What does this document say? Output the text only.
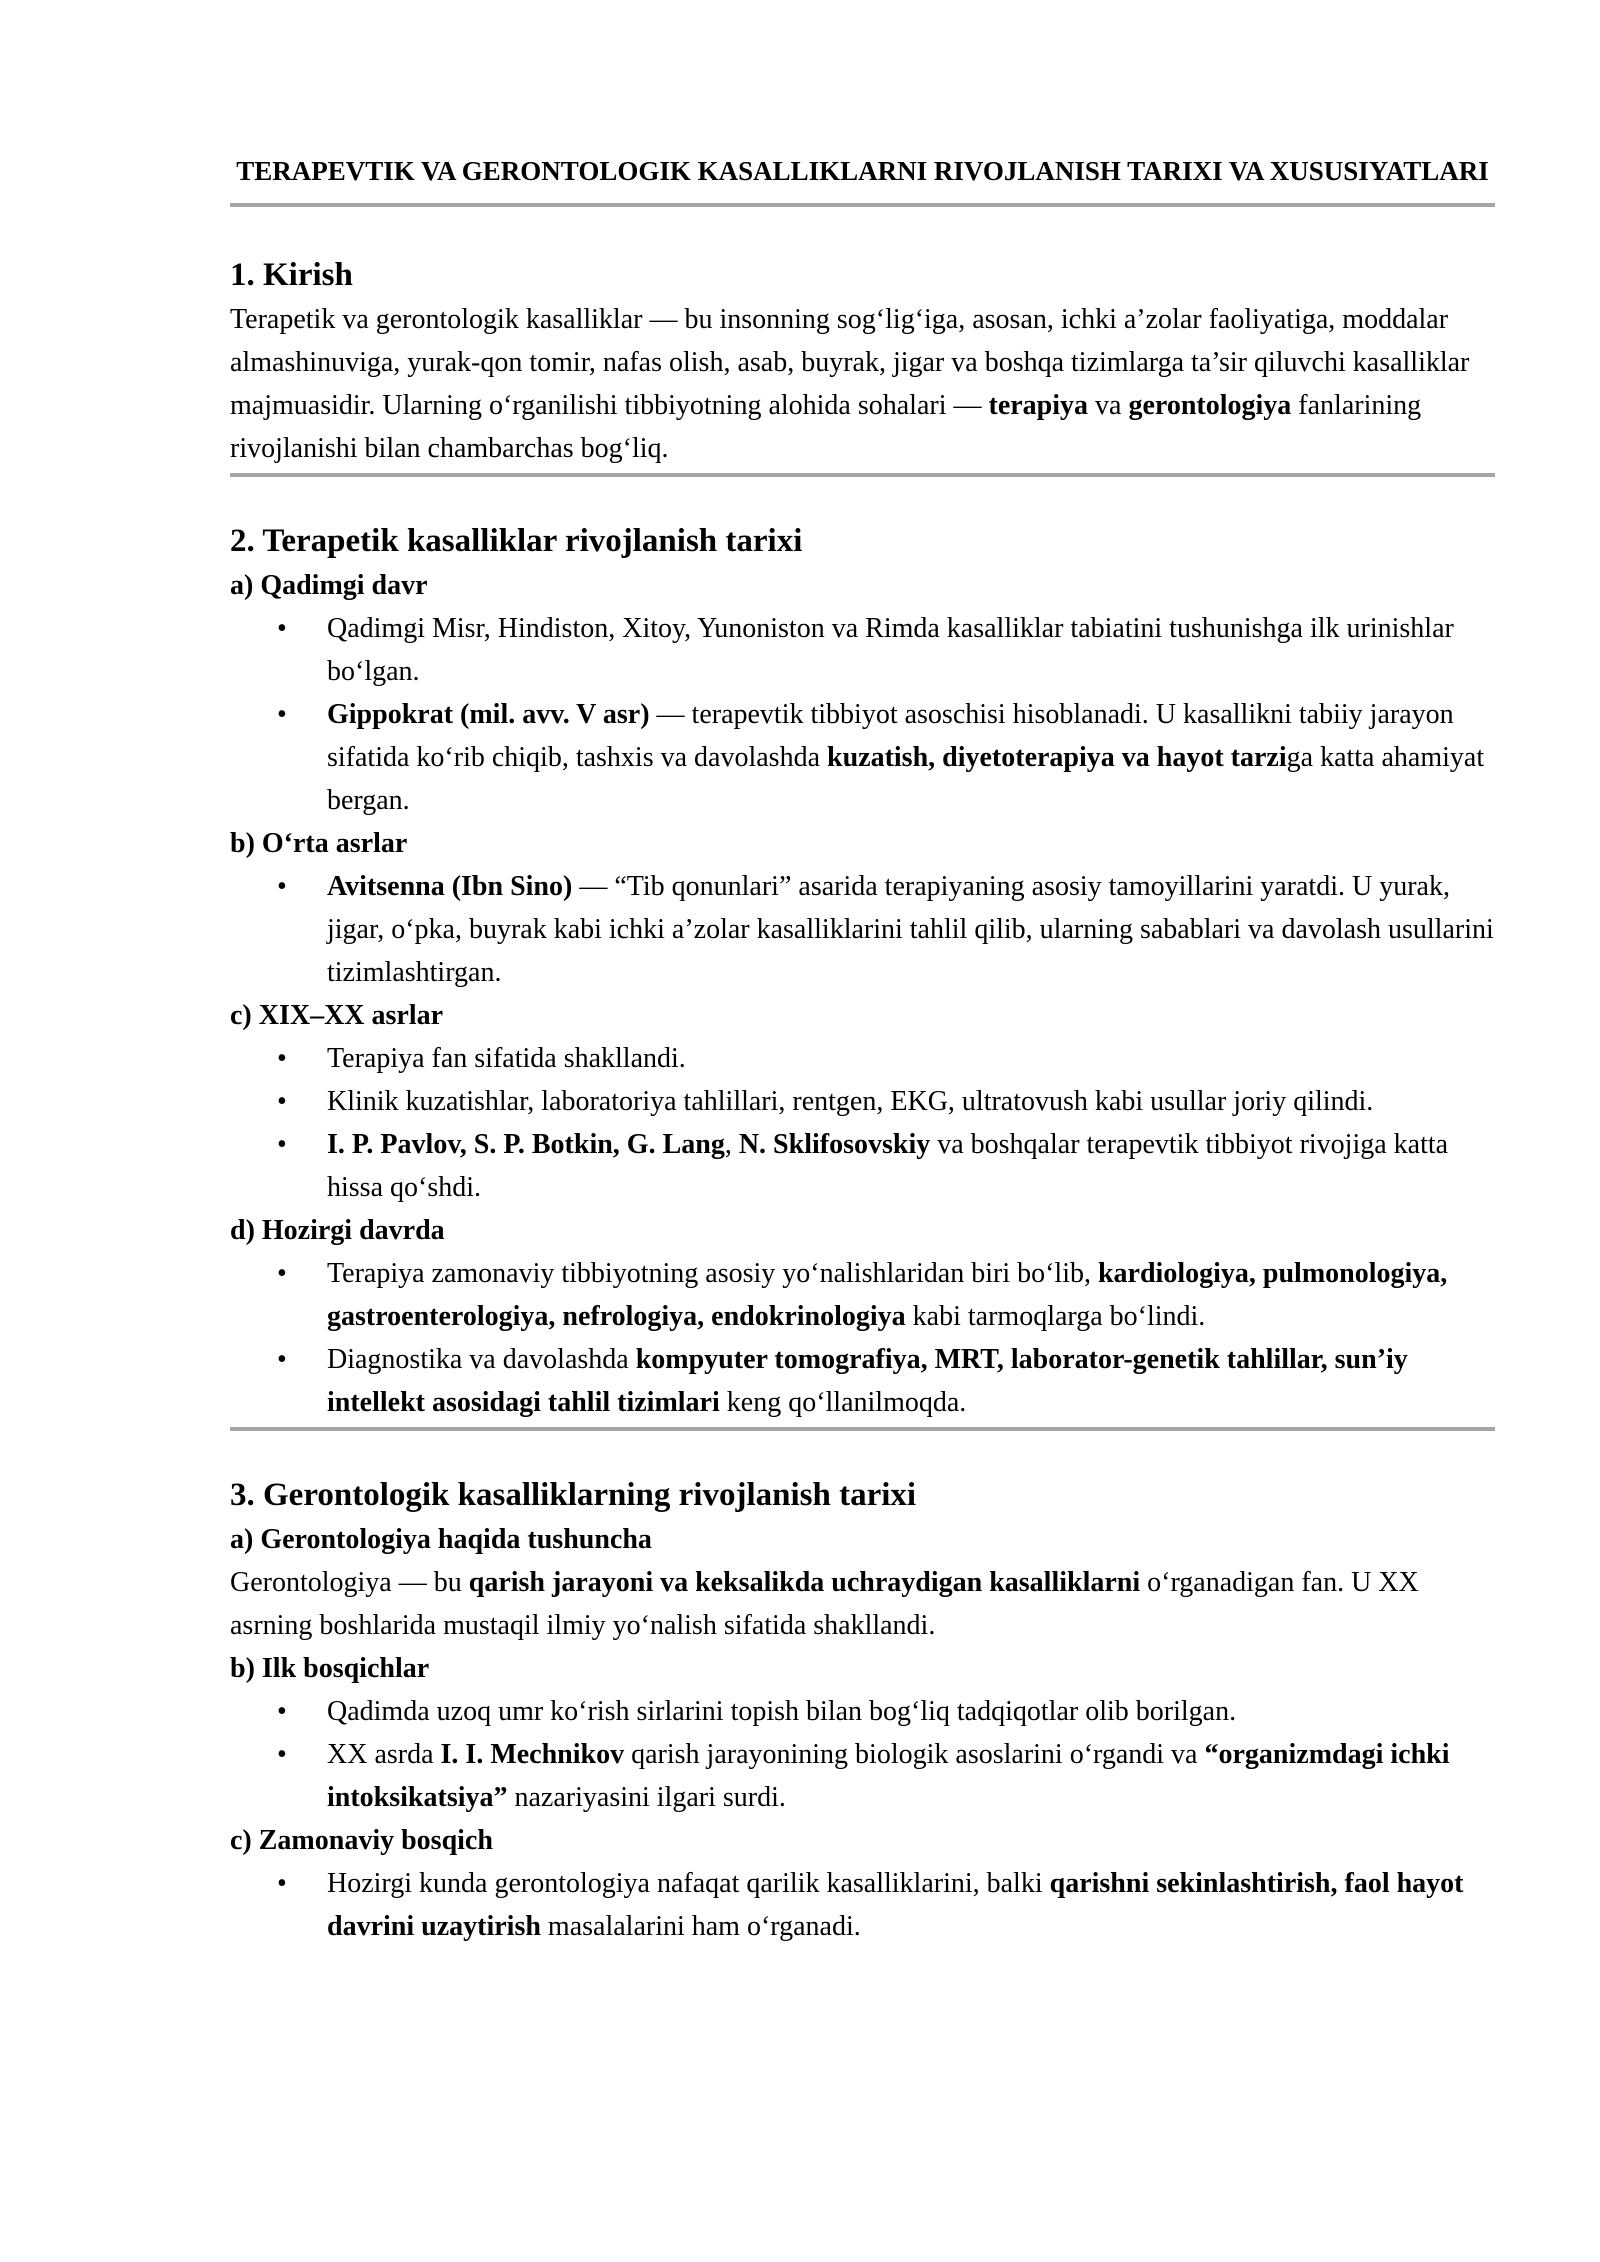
TERAPEVTIK VA GERONTOLOGIK KASALLIKLARNI RIVOJLANISH TARIXI VA XUSUSIYATLARI
1. Kirish

Terapetik va gerontologik kasalliklar — bu insonning sog‘lig‘iga, asosan, ichki a’zolar faoliyatiga, moddalar almashinuviga, yurak-qon tomir, nafas olish, asab, buyrak, jigar va boshqa tizimlarga ta’sir qiluvchi kasalliklar majmuasidir. Ularning o‘rganilishi tibbiyotning alohida sohalari — terapiya va gerontologiya fanlarining rivojlanishi bilan chambarchas bog‘liq.

2. Terapetik kasalliklar rivojlanish tarixi
a) Qadimgi davr
• Qadimgi Misr, Hindiston, Xitoy, Yunoniston va Rimda kasalliklar tabiatini tushunishga ilk urinishlar bo‘lgan.
• Gippokrat (mil. avv. V asr) — terapevtik tibbiyot asoschisi hisoblanadi. U kasallikni tabiiy jarayon sifatida ko‘rib chiqib, tashxis va davolashda kuzatish, diyetoterapiya va hayot tarziga katta ahamiyat bergan.
b) O‘rta asrlar
• Avitsenna (Ibn Sino) — “Tib qonunlari” asarida terapiyaning asosiy tamoyillarini yaratdi. U yurak, jigar, o‘pka, buyrak kabi ichki a’zolar kasalliklarini tahlil qilib, ularning sabablari va davolash usullarini tizimlashtirgan.
c) XIX–XX asrlar
• Terapiya fan sifatida shakllandi.
• Klinik kuzatishlar, laboratoriya tahlillari, rentgen, EKG, ultratovush kabi usullar joriy qilindi.
• I. P. Pavlov, S. P. Botkin, G. Lang, N. Sklifosovskiy va boshqalar terapevtik tibbiyot rivojiga katta hissa qo‘shdi.
d) Hozirgi davrda
• Terapiya zamonaviy tibbiyotning asosiy yo‘nalishlaridan biri bo‘lib, kardiologiya, pulmonologiya, gastroenterologiya, nefrologiya, endokrinologiya kabi tarmoqlarga bo‘lindi.
• Diagnostika va davolashda kompyuter tomografiya, MRT, laborator-genetik tahlillar, sun’iy intellekt asosidagi tahlil tizimlari keng qo‘llanilmoqda.
3. Gerontologik kasalliklarning rivojlanish tarixi
a) Gerontologiya haqida tushuncha

Gerontologiya — bu qarish jarayoni va keksalikda uchraydigan kasalliklarni o‘rganadigan fan. U XX asrning boshlarida mustaqil ilmiy yo‘nalish sifatida shakllandi.

b) Ilk bosqichlar
• Qadimda uzoq umr ko‘rish sirlarini topish bilan bog‘liq tadqiqotlar olib borilgan.
• XX asrda I. I. Mechnikov qarish jarayonining biologik asoslarini o‘rgandi va “organizmdagi ichki intoksikatsiya” nazariyasini ilgari surdi.
c) Zamonaviy bosqich
• Hozirgi kunda gerontologiya nafaqat qarilik kasalliklarini, balki qarishni sekinlashtirish, faol hayot davrini uzaytirish masalalarini ham o‘rganadi.
